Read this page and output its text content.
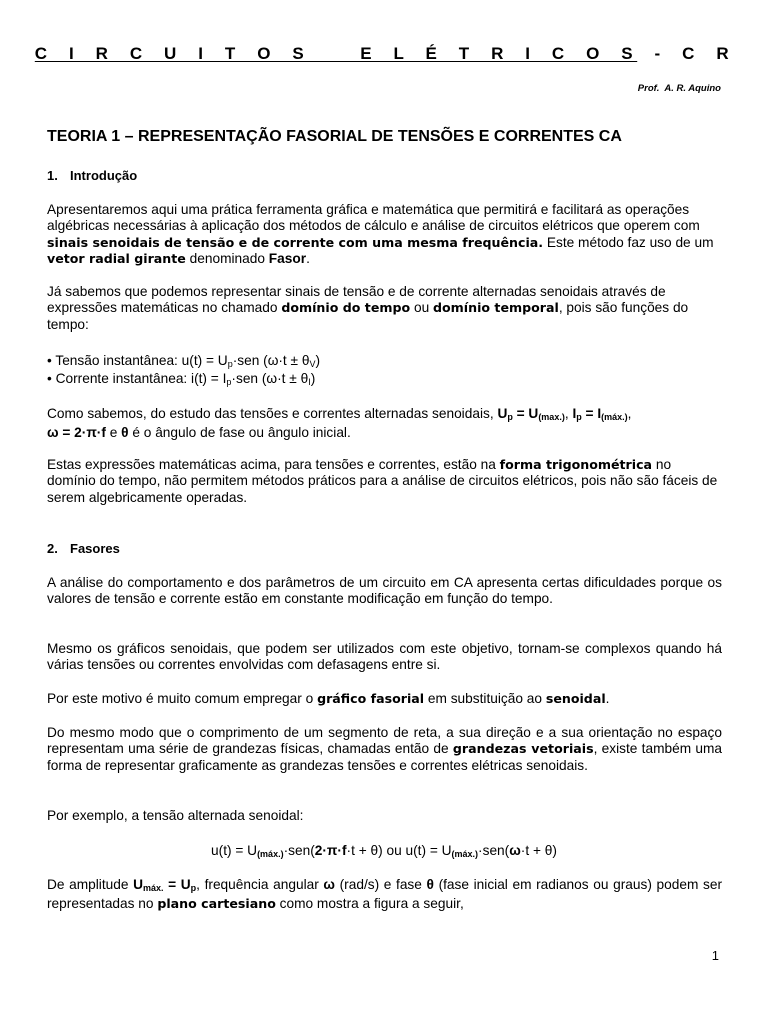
C I R C U I T O S   E L É T R I C O S - C R
Prof.  A. R. Aquino
TEORIA 1 – REPRESENTAÇÃO FASORIAL DE TENSÕES E CORRENTES CA
1. Introdução
Apresentaremos aqui uma prática ferramenta gráfica e matemática que permitirá e facilitará as operações algébricas necessárias à aplicação dos métodos de cálculo e análise de circuitos elétricos que operem com sinais senoidais de tensão e de corrente com uma mesma frequência. Este método faz uso de um vetor radial girante denominado Fasor.
Já sabemos que podemos representar sinais de tensão e de corrente alternadas senoidais através de expressões matemáticas no chamado domínio do tempo ou domínio temporal, pois são funções do tempo:
• Tensão instantânea: $u(t) = U_p\cdot sen$ $(\omega\cdot t \pm \theta_V)$
• Corrente instantânea: $i(t) = I_p\cdot sen$ $(\omega\cdot t \pm \theta_I)$
Como sabemos, do estudo das tensões e correntes alternadas senoidais, $U_p = U_{(max.)}$, $I_p = I_{(máx.)}$,
ω = 2·π·f e θ é o ângulo de fase ou ângulo inicial.
Estas expressões matemáticas acima, para tensões e correntes, estão na forma trigonométrica no domínio do tempo, não permitem métodos práticos para a análise de circuitos elétricos, pois não são fáceis de serem algebricamente operadas.
2. Fasores
A análise do comportamento e dos parâmetros de um circuito em CA apresenta certas dificuldades porque os valores de tensão e corrente estão em constante modificação em função do tempo.
Mesmo os gráficos senoidais, que podem ser utilizados com este objetivo, tornam-se complexos quando há várias tensões ou correntes envolvidas com defasagens entre si.
Por este motivo é muito comum empregar o gráfico fasorial em substituição ao senoidal.
Do mesmo modo que o comprimento de um segmento de reta, a sua direção e a sua orientação no espaço representam uma série de grandezas físicas, chamadas então de grandezas vetoriais, existe também uma forma de representar graficamente as grandezas tensões e correntes elétricas senoidais.
Por exemplo, a tensão alternada senoidal:
$u(t) = U_{(máx.)}\cdot sen(2\cdot\pi\cdot f\cdot t + \theta)$ ou $u(t) = U_{(máx.)}\cdot sen(\omega\cdot t + \theta)$
De amplitude $U_{máx.} = U_p$, frequência angular ω (rad/s) e fase θ (fase inicial em radianos ou graus) podem ser representadas no plano cartesiano como mostra a figura a seguir,
1
